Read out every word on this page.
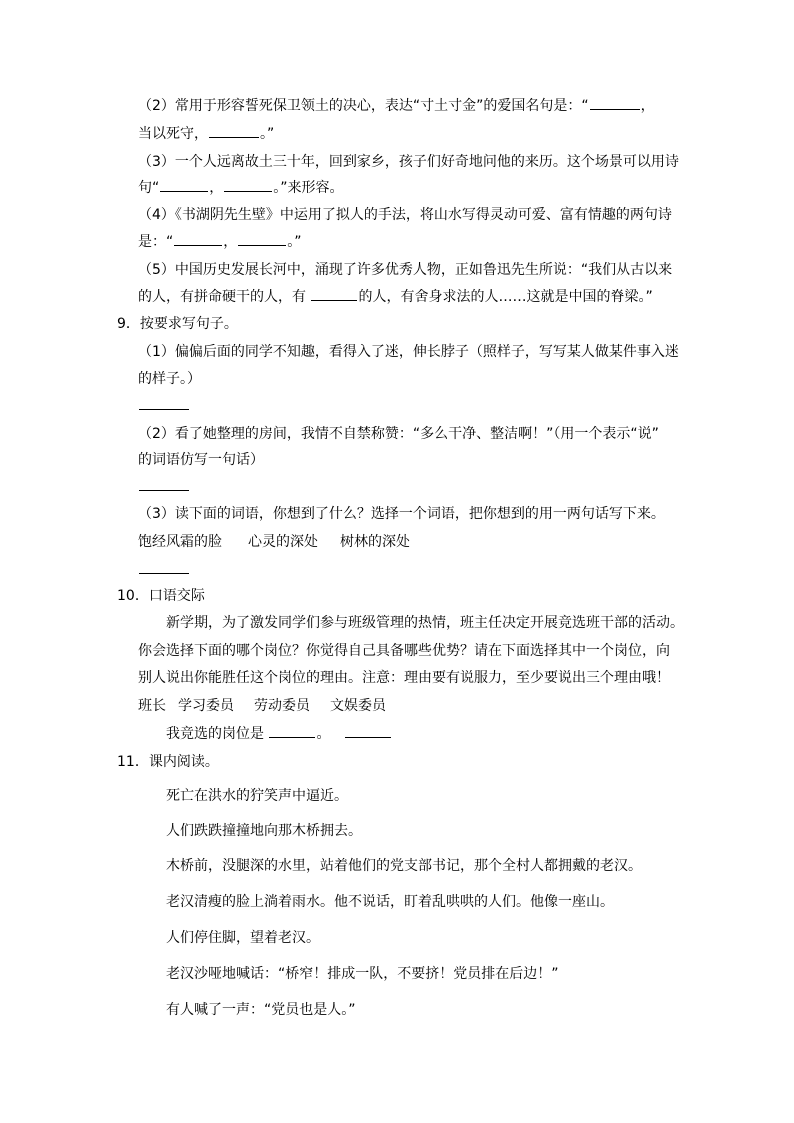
（2）常用于形容誓死保卫领土的决心，表达“寸土寸金”的爱国名句是：“	，
当以死守，	。”
（3）一个人远离故土三十年，回到家乡，孩子们好奇地问他的来历。这个场景可以用诗
句“	，	。”来形容。
（4）《书湖阴先生壁》中运用了拟人的手法，将山水写得灵动可爱、富有情趣的两句诗
是：“	，	。”
（5）中国历史发展长河中，涌现了许多优秀人物，正如鲁迅先生所说：“我们从古以来
的人，有拼命硬干的人，有	的人，有舍身求法的人……这就是中国的脊梁。”
9．按要求写句子。
（1）偏偏后面的同学不知趣，看得入了迷，伸长脖子（照样子，写写某人做某件事入迷
的样子。）
（2）看了她整理的房间，我情不自禁称赞：“多么干净、整洁啊！”（用一个表示“说”
的词语仿写一句话）
（3）读下面的词语，你想到了什么？选择一个词语，把你想到的用一两句话写下来。
饱经风霜的脸 心灵的深处 树林的深处
10．口语交际
新学期，为了激发同学们参与班级管理的热情，班主任决定开展竞选班干部的活动。
你会选择下面的哪个岗位？你觉得自己具备哪些优势？请在下面选择其中一个岗位，向
别人说出你能胜任这个岗位的理由。注意：理由要有说服力，至少要说出三个理由哦！
班长 学习委员 劳动委员 文娱委员
我竞选的岗位是	。
11．课内阅读。
死亡在洪水的狞笑声中逼近。
人们跌跌撞撞地向那木桥拥去。
木桥前，没腿深的水里，站着他们的党支部书记，那个全村人都拥戴的老汉。
老汉清瘦的脸上淌着雨水。他不说话，盯着乱哄哄的人们。他像一座山。
人们停住脚，望着老汉。
老汉沙哑地喊话：“桥窄！排成一队，不要挤！党员排在后边！”
有人喊了一声：“党员也是人。”
